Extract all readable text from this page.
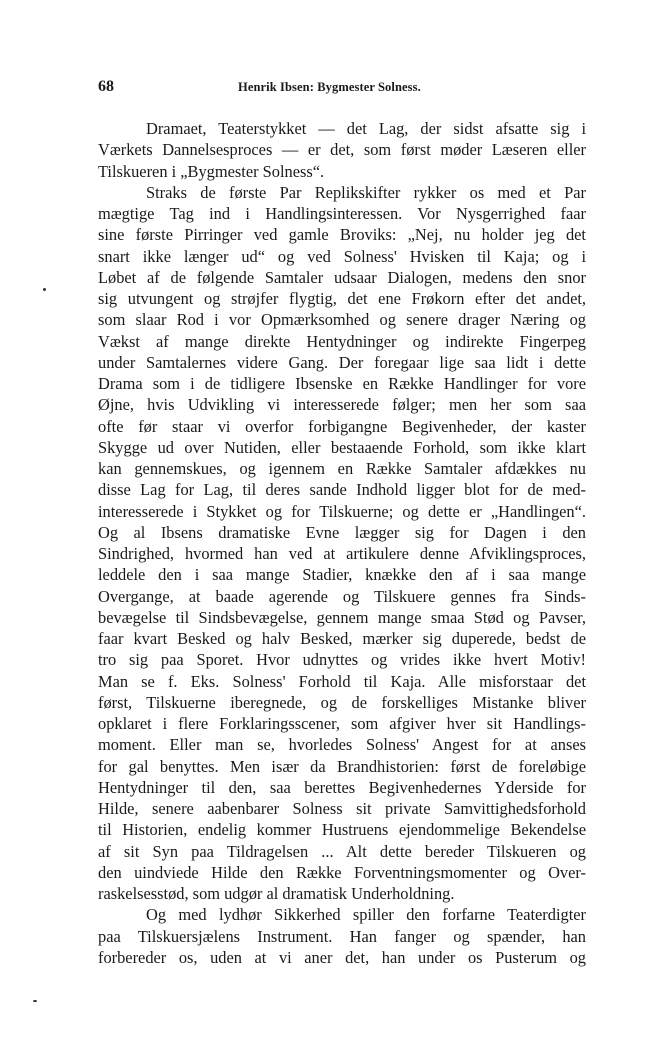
68	Henrik Ibsen: Bygmester Solness.
Dramaet, Teaterstykket — det Lag, der sidst afsatte sig i
Værkets Dannelsesproces — er det, som først møder Læseren eller
Tilskueren i „Bygmester Solness“.
Straks de første Par Replikskifter rykker os med et Par
mægtige Tag ind i Handlingsinteressen. Vor Nysgerrighed faar
sine første Pirringer ved gamle Broviks: „Nej, nu holder jeg det
snart ikke længer ud“ og ved Solness' Hvisken til Kaja; og i
Løbet af de følgende Samtaler udsaar Dialogen, medens den snor
sig utvungent og strøjfer flygtig, det ene Frøkorn efter det andet,
som slaar Rod i vor Opmærksomhed og senere drager Næring og
Vækst af mange direkte Hentydninger og indirekte Fingerpeg
under Samtalernes videre Gang. Der foregaar lige saa lidt i dette
Drama som i de tidligere Ibsenske en Række Handlinger for vore
Øjne, hvis Udvikling vi interesserede følger; men her som saa
ofte før staar vi overfor forbigangne Begivenheder, der kaster
Skygge ud over Nutiden, eller bestaaende Forhold, som ikke klart
kan gennemskues, og igennem en Række Samtaler afdækkes nu
disse Lag for Lag, til deres sande Indhold ligger blot for de med-
interesserede i Stykket og for Tilskuerne; og dette er „Handlingen“.
Og al Ibsens dramatiske Evne lægger sig for Dagen i den
Sindrighed, hvormed han ved at artikulere denne Afviklingsproces,
leddele den i saa mange Stadier, knække den af i saa mange
Overgange, at baade agerende og Tilskuere gennes fra Sinds-
bevægelse til Sindsbevægelse, gennem mange smaa Stød og Pavser,
faar kvart Besked og halv Besked, mærker sig duperede, bedst de
tro sig paa Sporet. Hvor udnyttes og vrides ikke hvert Motiv!
Man se f. Eks. Solness' Forhold til Kaja. Alle misforstaar det
først, Tilskuerne iberegnede, og de forskelliges Mistanke bliver
opklaret i flere Forklaringsscener, som afgiver hver sit Handlings-
moment. Eller man se, hvorledes Solness' Angest for at anses
for gal benyttes. Men især da Brandhistorien: først de foreløbige
Hentydninger til den, saa berettes Begivenhedernes Yderside for
Hilde, senere aabenbarer Solness sit private Samvittighedsforhold
til Historien, endelig kommer Hustruens ejendommelige Bekendelse
af sit Syn paa Tildragelsen ... Alt dette bereder Tilskueren og
den uindviede Hilde den Række Forventningsmomenter og Over-
raskelsesstød, som udgør al dramatisk Underholdning.
Og med lydhør Sikkerhed spiller den forfarne Teaterdigter
paa Tilskuersjælens Instrument. Han fanger og spænder, han
forbereder os, uden at vi aner det, han under os Pusterum og
